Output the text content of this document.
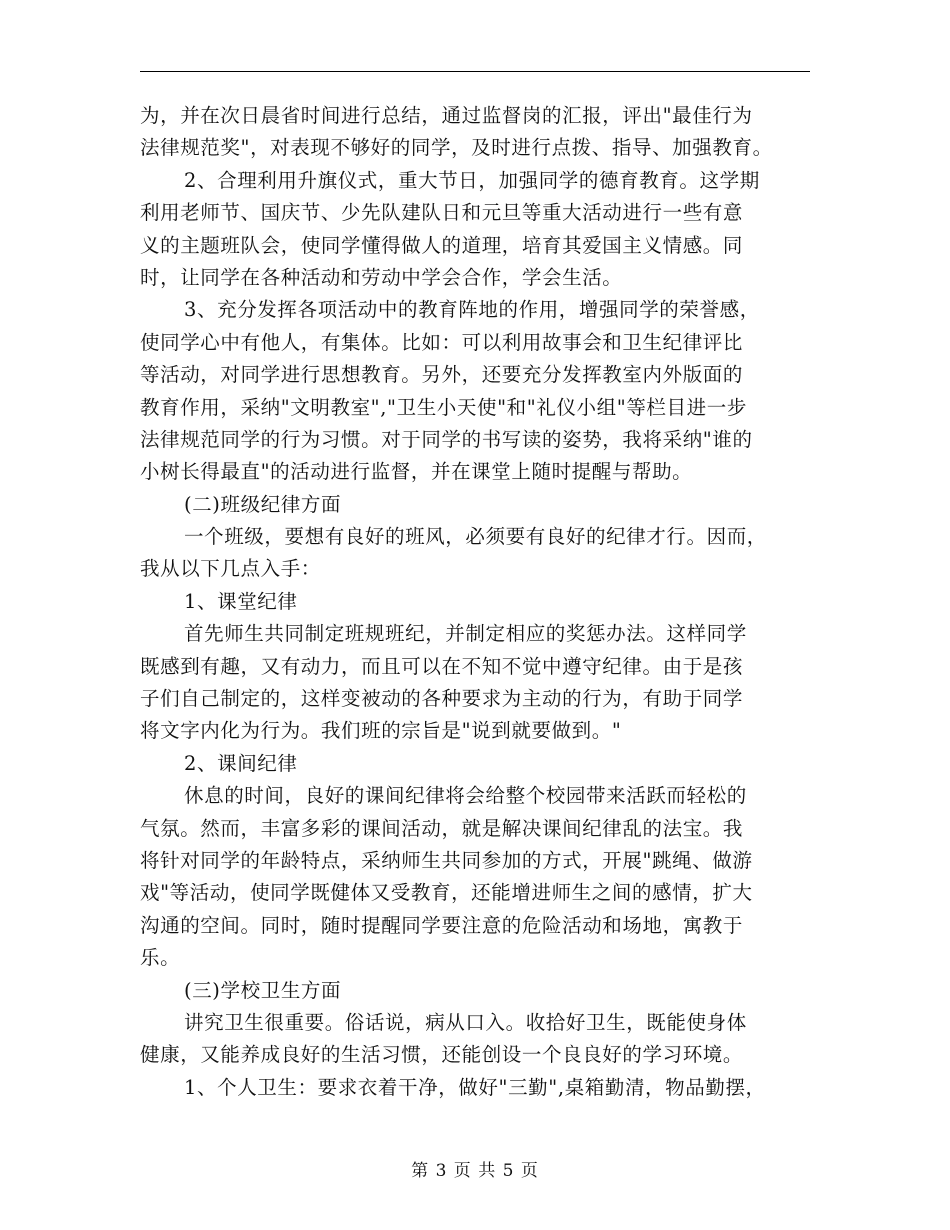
为，并在次日晨省时间进行总结，通过监督岗的汇报，评出"最佳行为
法律规范奖"，对表现不够好的同学，及时进行点拨、指导、加强教育。
2、合理利用升旗仪式，重大节日，加强同学的德育教育。这学期
利用老师节、国庆节、少先队建队日和元旦等重大活动进行一些有意
义的主题班队会，使同学懂得做人的道理，培育其爱国主义情感。同
时，让同学在各种活动和劳动中学会合作，学会生活。
3、充分发挥各项活动中的教育阵地的作用，增强同学的荣誉感，
使同学心中有他人，有集体。比如：可以利用故事会和卫生纪律评比
等活动，对同学进行思想教育。另外，还要充分发挥教室内外版面的
教育作用，采纳"文明教室","卫生小天使"和"礼仪小组"等栏目进一步
法律规范同学的行为习惯。对于同学的书写读的姿势，我将采纳"谁的
小树长得最直"的活动进行监督，并在课堂上随时提醒与帮助。
(二)班级纪律方面
一个班级，要想有良好的班风，必须要有良好的纪律才行。因而，
我从以下几点入手：
1、课堂纪律
首先师生共同制定班规班纪，并制定相应的奖惩办法。这样同学
既感到有趣，又有动力，而且可以在不知不觉中遵守纪律。由于是孩
子们自己制定的，这样变被动的各种要求为主动的行为，有助于同学
将文字内化为行为。我们班的宗旨是"说到就要做到。"
2、课间纪律
休息的时间，良好的课间纪律将会给整个校园带来活跃而轻松的
气氛。然而，丰富多彩的课间活动，就是解决课间纪律乱的法宝。我
将针对同学的年龄特点，采纳师生共同参加的方式，开展"跳绳、做游
戏"等活动，使同学既健体又受教育，还能增进师生之间的感情，扩大
沟通的空间。同时，随时提醒同学要注意的危险活动和场地，寓教于
乐。
(三)学校卫生方面
讲究卫生很重要。俗话说，病从口入。收拾好卫生，既能使身体
健康，又能养成良好的生活习惯，还能创设一个良良好的学习环境。
1、个人卫生：要求衣着干净，做好"三勤",桌箱勤清，物品勤摆，
第 3 页 共 5 页
